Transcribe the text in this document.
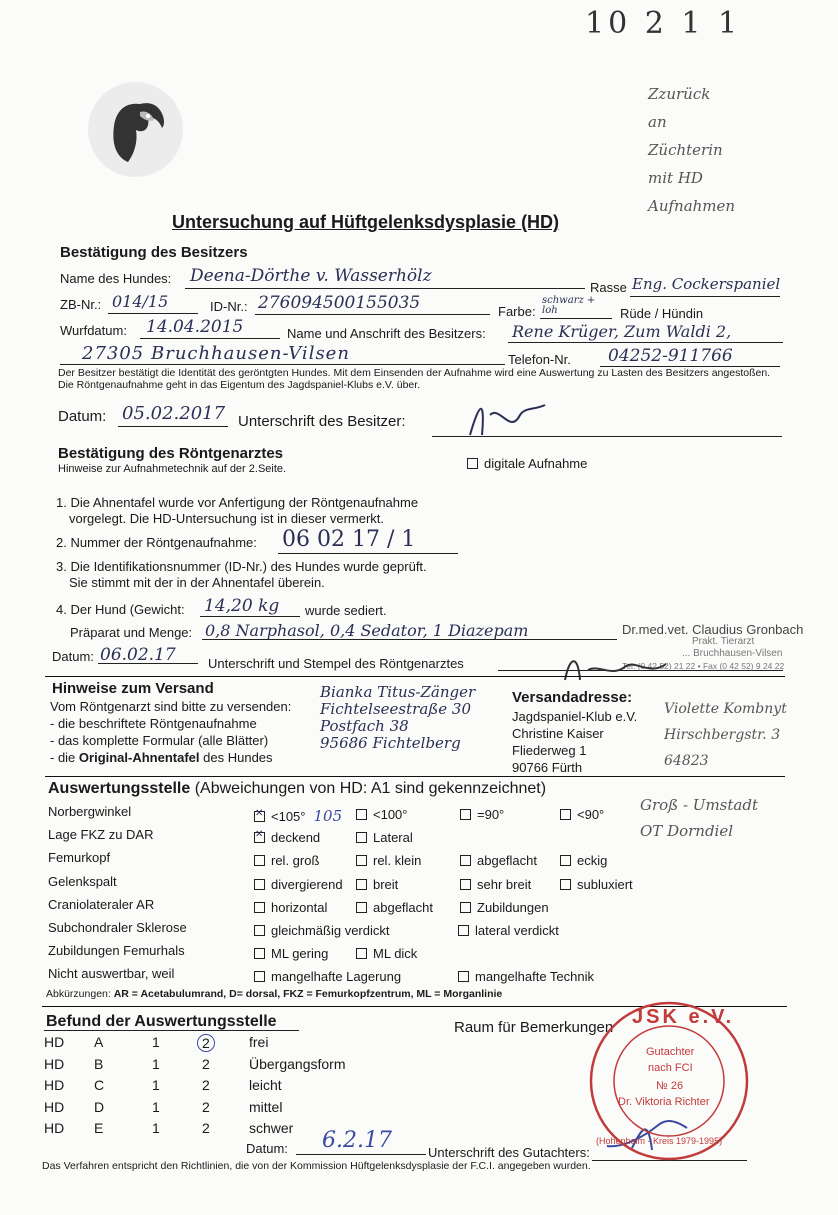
10 2 1 1
Zzurück
an
Züchterin
mit HD
Aufnahmen
Untersuchung auf Hüftgelenksdysplasie (HD)
Bestätigung des Besitzers
Name des Hundes: Deena-Dörthe v. Wasserhölz
Rasse Eng. Cockerspaniel
ZB-Nr.: 014/15	ID-Nr.: 276094500155035	Farbe:
schwarz + loh	Rüde / Hündin
Wurfdatum: 14.04.2015	Name und Anschrift des Besitzers: Rene Krüger, Zum Waldi 2,
27305 Bruchhausen-Vilsen	Telefon-Nr. 04252-911766
Der Besitzer bestätigt die Identität des geröntgten Hundes. Mit dem Einsenden der Aufnahme wird eine Auswertung zu Lasten des Besitzers angestoßen. Die Röntgenaufnahme geht in das Eigentum des Jagdspaniel-Klubs e.V. über.
Datum: 05.02.2017 Unterschrift des Besitzer:
Bestätigung des Röntgenarztes
Hinweise zur Aufnahmetechnik auf der 2.Seite.	digitale Aufnahme
1. Die Ahnentafel wurde vor Anfertigung der Röntgenaufnahme
vorgelegt. Die HD-Untersuchung ist in dieser vermerkt.
2. Nummer der Röntgenaufnahme: 06 02 17 / 1
3. Die Identifikationsnummer (ID-Nr.) des Hundes wurde geprüft.
Sie stimmt mit der in der Ahnentafel überein.
4. Der Hund (Gewicht: 14,20 kg wurde sediert.
Präparat und Menge: 0,8 Narphasol, 0,4 Sedator, 1 Diazepam
Datum: 06.02.17 Unterschrift und Stempel des Röntgenarztes
Dr.med.vet. Claudius Gronbach
Prakt. Tierarzt
... Bruchhausen-Vilsen
Tel. (0 42 52) 21 22 • Fax (0 42 52) 9 24 22
Hinweise zum Versand
Vom Röntgenarzt sind bitte zu versenden:
- die beschriftete Röntgenaufnahme
- das komplette Formular (alle Blätter)
- die Original-Ahnentafel des Hundes
Bianka Titus-Zänger
Fichtelseestraße 30
Postfach 38
95686 Fichtelberg
Versandadresse:
Jagdspaniel-Klub e.V.
Christine Kaiser
Fliederweg 1
90766 Fürth
Violette Kombnyt
Hirschbergstr. 3
64823
Auswertungsstelle (Abweichungen von HD: A1 sind gekennzeichnet)
Groß - Umstadt
OT Dorndiel
Norbergwinkel ✕	<105° 105	<100°	=90°	<90°
Lage FKZ zu DAR ✕	deckend	Lateral
Femurkopf	rel. groß	rel. klein	abgeflacht	eckig
Gelenkspalt	divergierend	breit	sehr breit	subluxiert
Craniolateraler AR	horizontal	abgeflacht	Zubildungen
Subchondraler Sklerose	gleichmäßig verdickt	lateral verdickt
Zubildungen Femurhals	ML gering	ML dick
Nicht auswertbar, weil	mangelhafte Lagerung	mangelhafte Technik
Abkürzungen: AR = Acetabulumrand, D= dorsal, FKZ = Femurkopfzentrum, ML = Morganlinie
Befund der Auswertungsstelle	Raum für Bemerkungen
HD A	1	2	frei
HD B	1	2	Übergangsform
HD C	1	2	leicht
HD D	1	2	mittel
HD E	1	2	schwer
Datum: 6.2.17	Unterschrift des Gutachters:
Das Verfahren entspricht den Richtlinien, die von der Kommission Hüftgelenksdysplasie der F.C.I. angegeben wurden.
JSK e.V.
Gutachter
nach FCI
№ 26
Dr. Viktoria Richter
(Hohenheim - Kreis 1979-1995)
